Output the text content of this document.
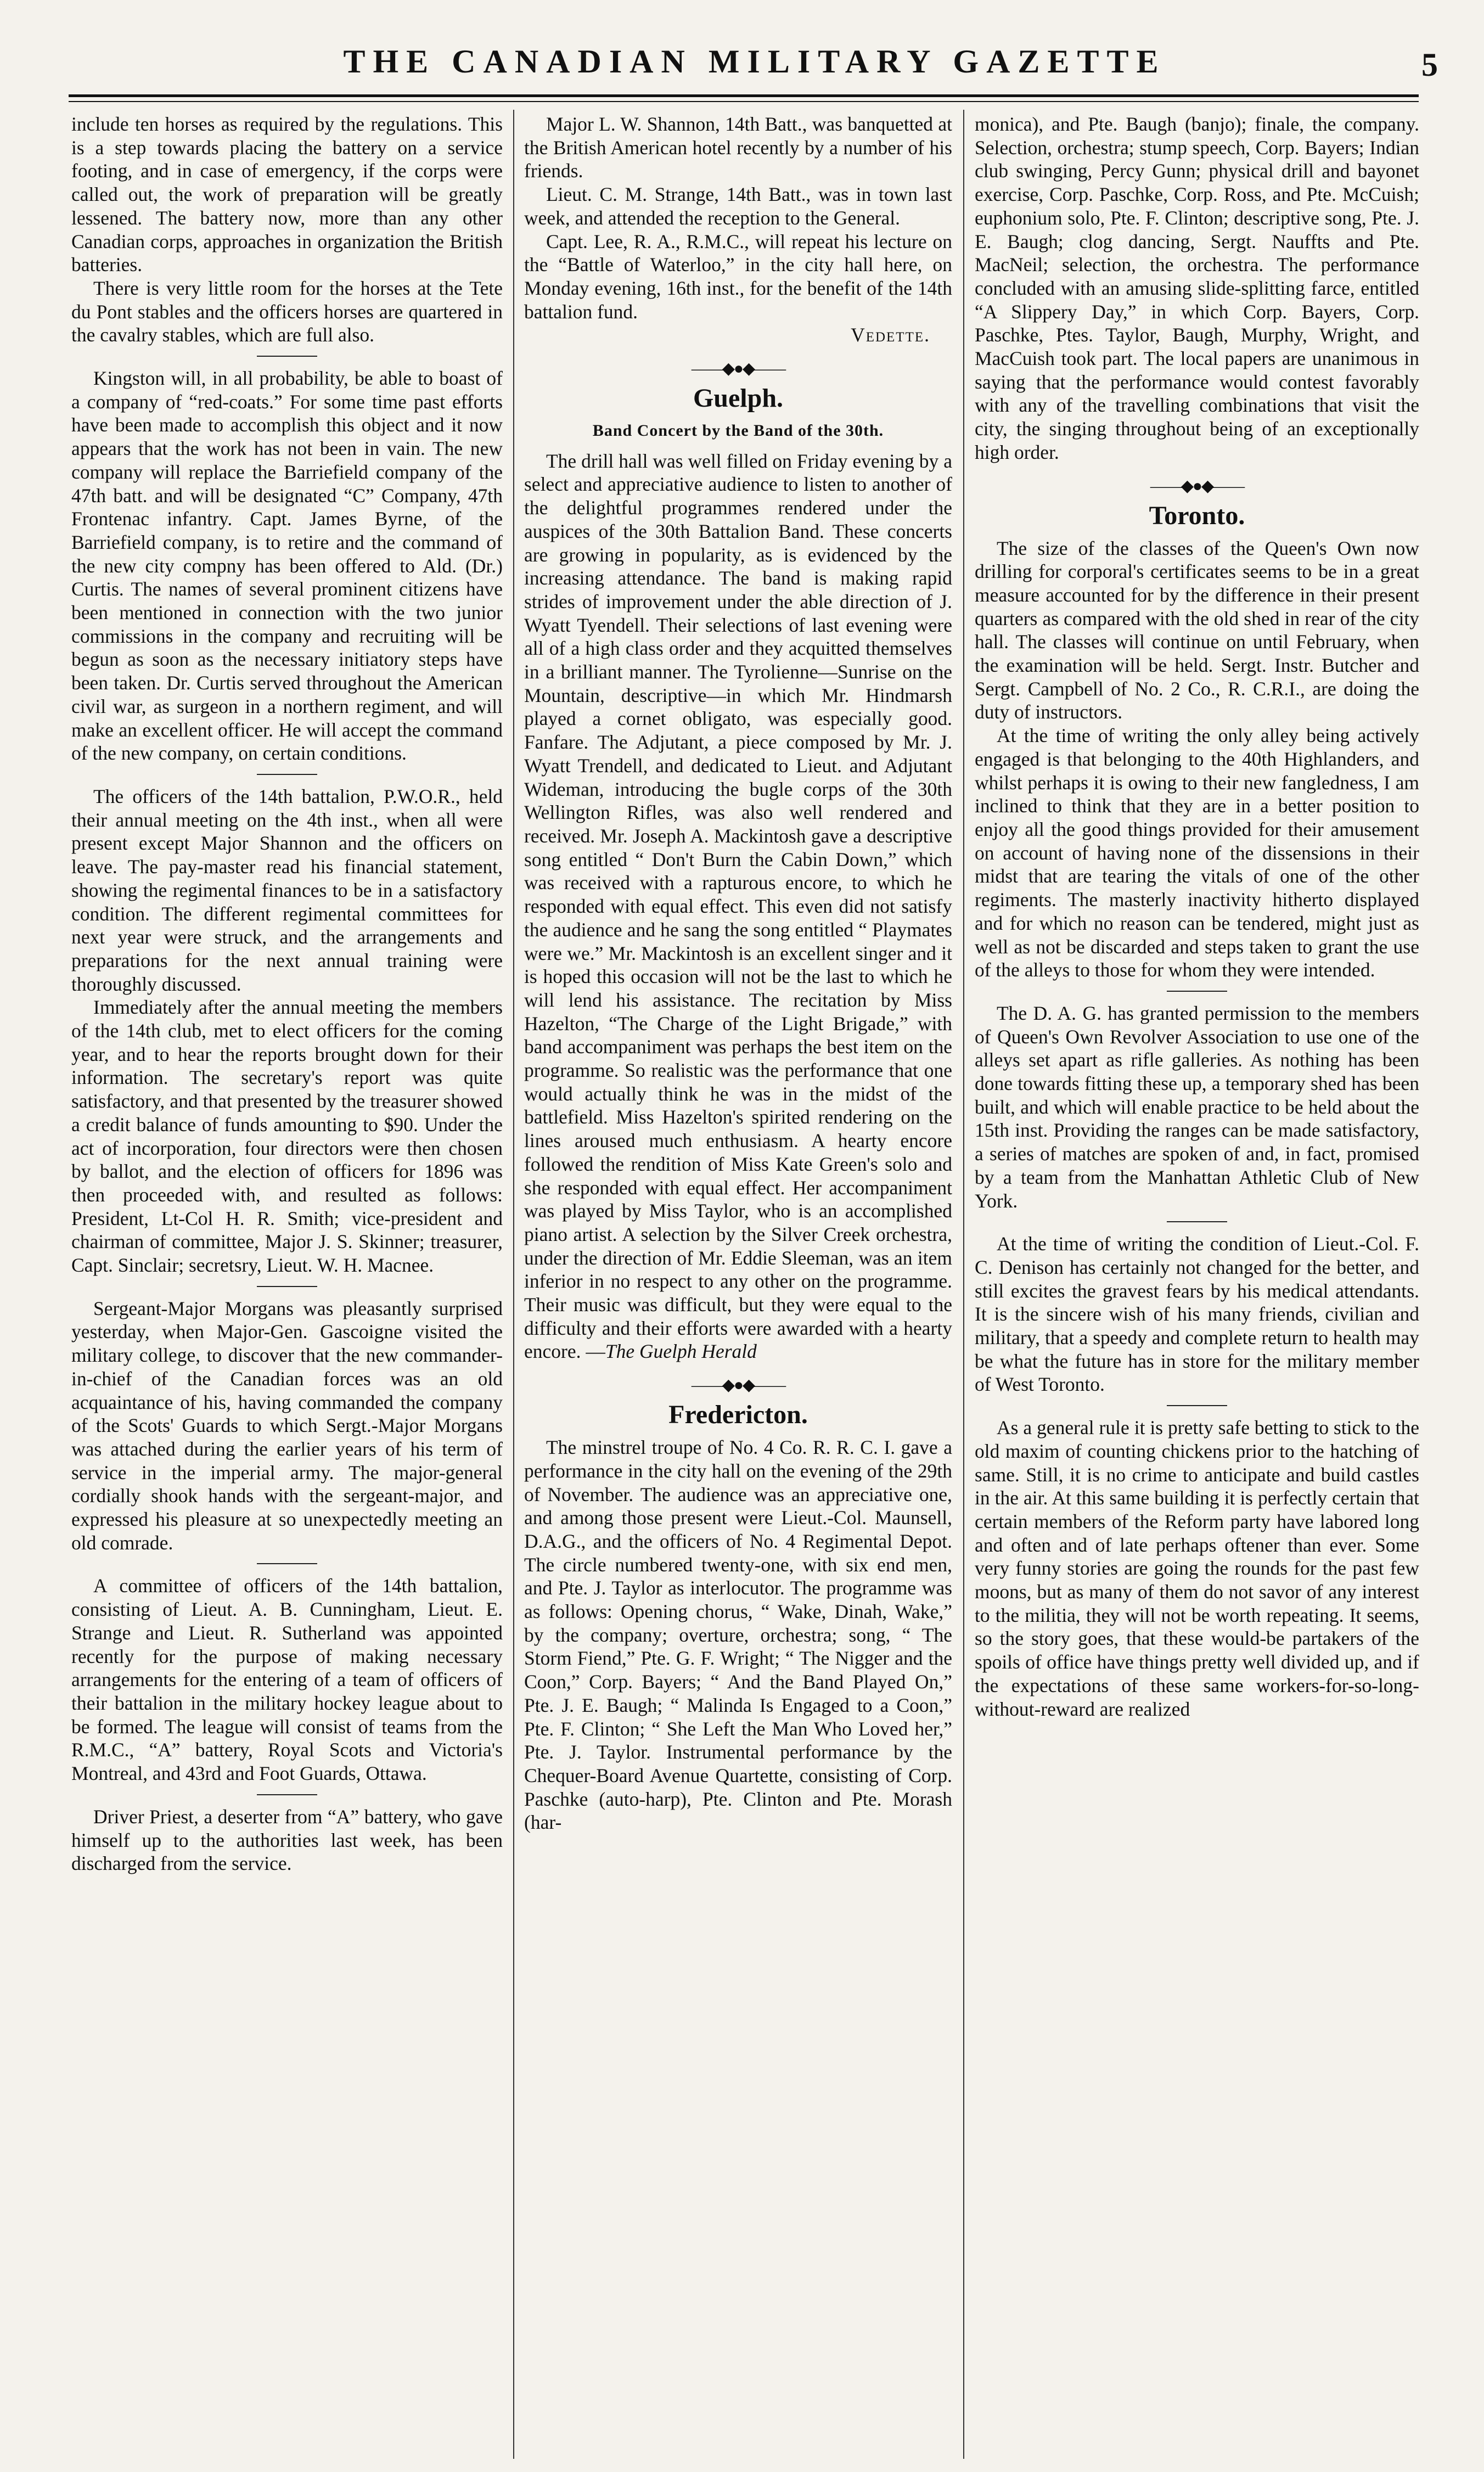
THE CANADIAN MILITARY GAZETTE	5

include ten horses as required by the regulations. This is a step towards placing the battery on a service footing, and in case of emergency, if the corps were called out, the work of preparation will be greatly lessened. The battery now, more than any other Canadian corps, approaches in organization the British batteries.

There is very little room for the horses at the Tete du Pont stables and the officers horses are quartered in the cavalry stables, which are full also.

Kingston will, in all probability, be able to boast of a company of “red-coats.” For some time past efforts have been made to accomplish this object and it now appears that the work has not been in vain. The new company will replace the Barriefield company of the 47th batt. and will be designated “C” Company, 47th Frontenac infantry. Capt. James Byrne, of the Barriefield company, is to retire and the command of the new city compny has been offered to Ald. (Dr.) Curtis. The names of several prominent citizens have been mentioned in connection with the two junior commissions in the company and recruiting will be begun as soon as the necessary initiatory steps have been taken. Dr. Curtis served throughout the American civil war, as surgeon in a northern regiment, and will make an excellent officer. He will accept the command of the new company, on certain conditions.

The officers of the 14th battalion, P.W.O.R., held their annual meeting on the 4th inst., when all were present except Major Shannon and the officers on leave. The pay-master read his financial statement, showing the regimental finances to be in a satisfactory condition. The different regimental committees for next year were struck, and the arrangements and preparations for the next annual training were thoroughly discussed.

Immediately after the annual meeting the members of the 14th club, met to elect officers for the coming year, and to hear the reports brought down for their information. The secretary's report was quite satisfactory, and that presented by the treasurer showed a credit balance of funds amounting to $90. Under the act of incorporation, four directors were then chosen by ballot, and the election of officers for 1896 was then proceeded with, and resulted as follows: President, Lt-Col H. R. Smith; vice-president and chairman of committee, Major J. S. Skinner; treasurer, Capt. Sinclair; secretsry, Lieut. W. H. Macnee.

Sergeant-Major Morgans was pleasantly surprised yesterday, when Major-Gen. Gascoigne visited the military college, to discover that the new commander-in-chief of the Canadian forces was an old acquaintance of his, having commanded the company of the Scots' Guards to which Sergt.-Major Morgans was attached during the earlier years of his term of service in the imperial army. The major-general cordially shook hands with the sergeant-major, and expressed his pleasure at so unexpectedly meeting an old comrade.

A committee of officers of the 14th battalion, consisting of Lieut. A. B. Cunningham, Lieut. E. Strange and Lieut. R. Sutherland was appointed recently for the purpose of making necessary arrangements for the entering of a team of officers of their battalion in the military hockey league about to be formed. The league will consist of teams from the R.M.C., “A” battery, Royal Scots and Victoria's Montreal, and 43rd and Foot Guards, Ottawa.

Driver Priest, a deserter from “A” battery, who gave himself up to the authorities last week, has been discharged from the service.

Major L. W. Shannon, 14th Batt., was banquetted at the British American hotel recently by a number of his friends.

Lieut. C. M. Strange, 14th Batt., was in town last week, and attended the reception to the General.

Capt. Lee, R. A., R.M.C., will repeat his lecture on the “Battle of Waterloo,” in the city hall here, on Monday evening, 16th inst., for the benefit of the 14th battalion fund.

Vedette.
——◆●◆——
Guelph.
Band Concert by the Band of the 30th.

The drill hall was well filled on Friday evening by a select and appreciative audience to listen to another of the delightful programmes rendered under the auspices of the 30th Battalion Band. These concerts are growing in popularity, as is evidenced by the increasing attendance. The band is making rapid strides of improvement under the able direction of J. Wyatt Tyendell. Their selections of last evening were all of a high class order and they acquitted themselves in a brilliant manner. The Tyrolienne—Sunrise on the Mountain, descriptive—in which Mr. Hindmarsh played a cornet obligato, was especially good. Fanfare. The Adjutant, a piece composed by Mr. J. Wyatt Trendell, and dedicated to Lieut. and Adjutant Wideman, introducing the bugle corps of the 30th Wellington Rifles, was also well rendered and received. Mr. Joseph A. Mackintosh gave a descriptive song entitled “ Don't Burn the Cabin Down,” which was received with a rapturous encore, to which he responded with equal effect. This even did not satisfy the audience and he sang the song entitled “ Playmates were we.” Mr. Mackintosh is an excellent singer and it is hoped this occasion will not be the last to which he will lend his assistance. The recitation by Miss Hazelton, “The Charge of the Light Brigade,” with band accompaniment was perhaps the best item on the programme. So realistic was the performance that one would actually think he was in the midst of the battlefield. Miss Hazelton's spirited rendering on the lines aroused much enthusiasm. A hearty encore followed the rendition of Miss Kate Green's solo and she responded with equal effect. Her accompaniment was played by Miss Taylor, who is an accomplished piano artist. A selection by the Silver Creek orchestra, under the direction of Mr. Eddie Sleeman, was an item inferior in no respect to any other on the programme. Their music was difficult, but they were equal to the difficulty and their efforts were awarded with a hearty encore. —The Guelph Herald

——◆●◆——
Fredericton.

The minstrel troupe of No. 4 Co. R. R. C. I. gave a performance in the city hall on the evening of the 29th of November. The audience was an appreciative one, and among those present were Lieut.-Col. Maunsell, D.A.G., and the officers of No. 4 Regimental Depot. The circle numbered twenty-one, with six end men, and Pte. J. Taylor as interlocutor. The programme was as follows: Opening chorus, “ Wake, Dinah, Wake,” by the company; overture, orchestra; song, “ The Storm Fiend,” Pte. G. F. Wright; “ The Nigger and the Coon,” Corp. Bayers; “ And the Band Played On,” Pte. J. E. Baugh; “ Malinda Is Engaged to a Coon,” Pte. F. Clinton; “ She Left the Man Who Loved her,” Pte. J. Taylor. Instrumental performance by the Chequer-Board Avenue Quartette, consisting of Corp. Paschke (auto-harp), Pte. Clinton and Pte. Morash (har-

monica), and Pte. Baugh (banjo); finale, the company. Selection, orchestra; stump speech, Corp. Bayers; Indian club swinging, Percy Gunn; physical drill and bayonet exercise, Corp. Paschke, Corp. Ross, and Pte. McCuish; euphonium solo, Pte. F. Clinton; descriptive song, Pte. J. E. Baugh; clog dancing, Sergt. Nauffts and Pte. MacNeil; selection, the orchestra. The performance concluded with an amusing slide-splitting farce, entitled “A Slippery Day,” in which Corp. Bayers, Corp. Paschke, Ptes. Taylor, Baugh, Murphy, Wright, and MacCuish took part. The local papers are unanimous in saying that the performance would contest favorably with any of the travelling combinations that visit the city, the singing throughout being of an exceptionally high order.

——◆●◆——
Toronto.

The size of the classes of the Queen's Own now drilling for corporal's certificates seems to be in a great measure accounted for by the difference in their present quarters as compared with the old shed in rear of the city hall. The classes will continue on until February, when the examination will be held. Sergt. Instr. Butcher and Sergt. Campbell of No. 2 Co., R. C.R.I., are doing the duty of instructors.

At the time of writing the only alley being actively engaged is that belonging to the 40th Highlanders, and whilst perhaps it is owing to their new fangledness, I am inclined to think that they are in a better position to enjoy all the good things provided for their amusement on account of having none of the dissensions in their midst that are tearing the vitals of one of the other regiments. The masterly inactivity hitherto displayed and for which no reason can be tendered, might just as well as not be discarded and steps taken to grant the use of the alleys to those for whom they were intended.

The D. A. G. has granted permission to the members of Queen's Own Revolver Association to use one of the alleys set apart as rifle galleries. As nothing has been done towards fitting these up, a temporary shed has been built, and which will enable practice to be held about the 15th inst. Providing the ranges can be made satisfactory, a series of matches are spoken of and, in fact, promised by a team from the Manhattan Athletic Club of New York.

At the time of writing the condition of Lieut.-Col. F. C. Denison has certainly not changed for the better, and still excites the gravest fears by his medical attendants. It is the sincere wish of his many friends, civilian and military, that a speedy and complete return to health may be what the future has in store for the military member of West Toronto.

As a general rule it is pretty safe betting to stick to the old maxim of counting chickens prior to the hatching of same. Still, it is no crime to anticipate and build castles in the air. At this same building it is perfectly certain that certain members of the Reform party have labored long and often and of late perhaps oftener than ever. Some very funny stories are going the rounds for the past few moons, but as many of them do not savor of any interest to the militia, they will not be worth repeating. It seems, so the story goes, that these would-be partakers of the spoils of office have things pretty well divided up, and if the expectations of these same workers-for-so-long-without-reward are realized
